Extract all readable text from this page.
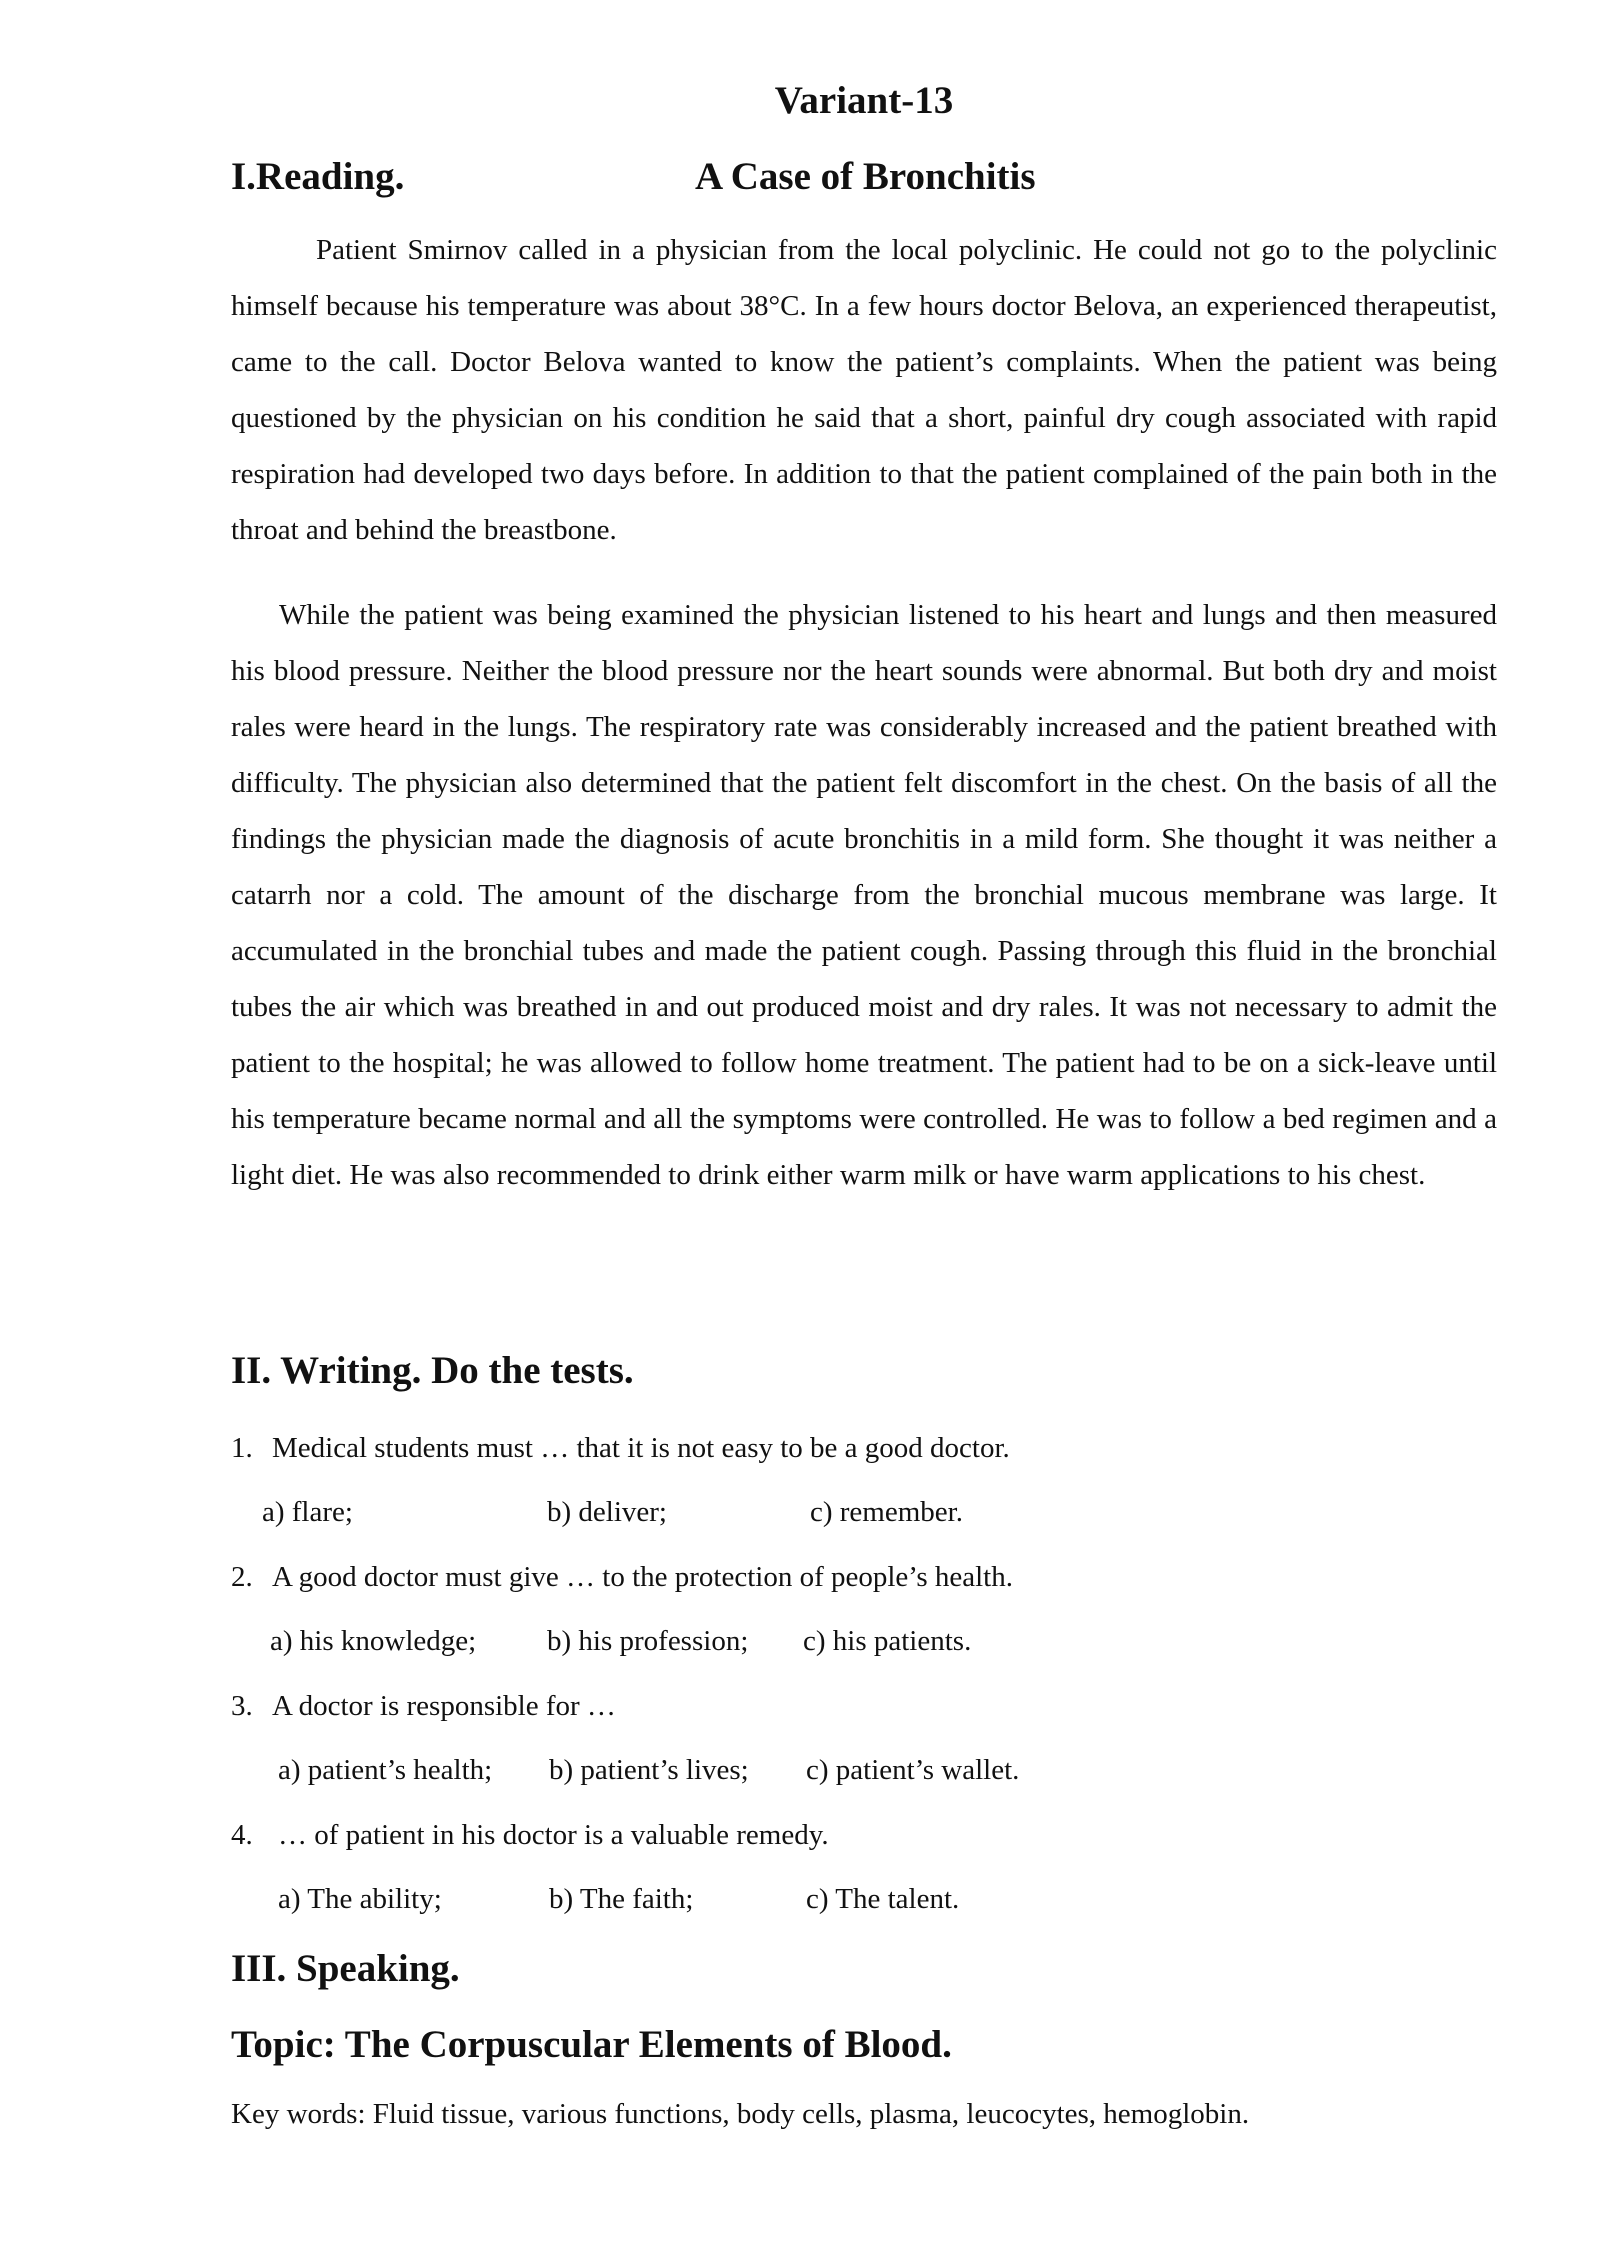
Variant-13
I.Reading.	A Case of Bronchitis

Patient Smirnov called in a physician from the local polyclinic. He could not go to the polyclinic himself because his temperature was about 38°C. In a few hours doctor Belova, an experienced therapeutist, came to the call. Doctor Belova wanted to know the patient’s complaints. When the patient was being questioned by the physician on his condition he said that a short, painful dry cough associated with rapid respiration had developed two days before. In addition to that the patient complained of the pain both in the throat and behind the breastbone.

While the patient was being examined the physician listened to his heart and lungs and then measured his blood pressure. Neither the blood pressure nor the heart sounds were abnormal. But both dry and moist rales were heard in the lungs. The respiratory rate was considerably increased and the patient breathed with difficulty. The physician also determined that the patient felt discomfort in the chest. On the basis of all the findings the physician made the diagnosis of acute bronchitis in a mild form. She thought it was neither a catarrh nor a cold. The amount of the discharge from the bronchial mucous membrane was large. It accumulated in the bronchial tubes and made the patient cough. Passing through this fluid in the bronchial tubes the air which was breathed in and out produced moist and dry rales. It was not necessary to admit the patient to the hospital; he was allowed to follow home treatment. The patient had to be on a sick-leave until his temperature became normal and all the symptoms were controlled. He was to follow a bed regimen and a light diet. He was also recommended to drink either warm milk or have warm applications to his chest.

II. Writing. Do the tests.
1. Medical students must … that it is not easy to be a good doctor.
a) flare;	b) deliver;	c) remember.
2. A good doctor must give … to the protection of people’s health.
a) his knowledge; b) his profession; c) his patients.
3. A doctor is responsible for …
a) patient’s health; b) patient’s lives; c) patient’s wallet.
4. … of patient in his doctor is a valuable remedy.
a) The ability;	b) The faith;	c) The talent.
III. Speaking.
Topic: The Corpuscular Elements of Blood.

Key words: Fluid tissue, various functions, body cells, plasma, leucocytes, hemoglobin.
